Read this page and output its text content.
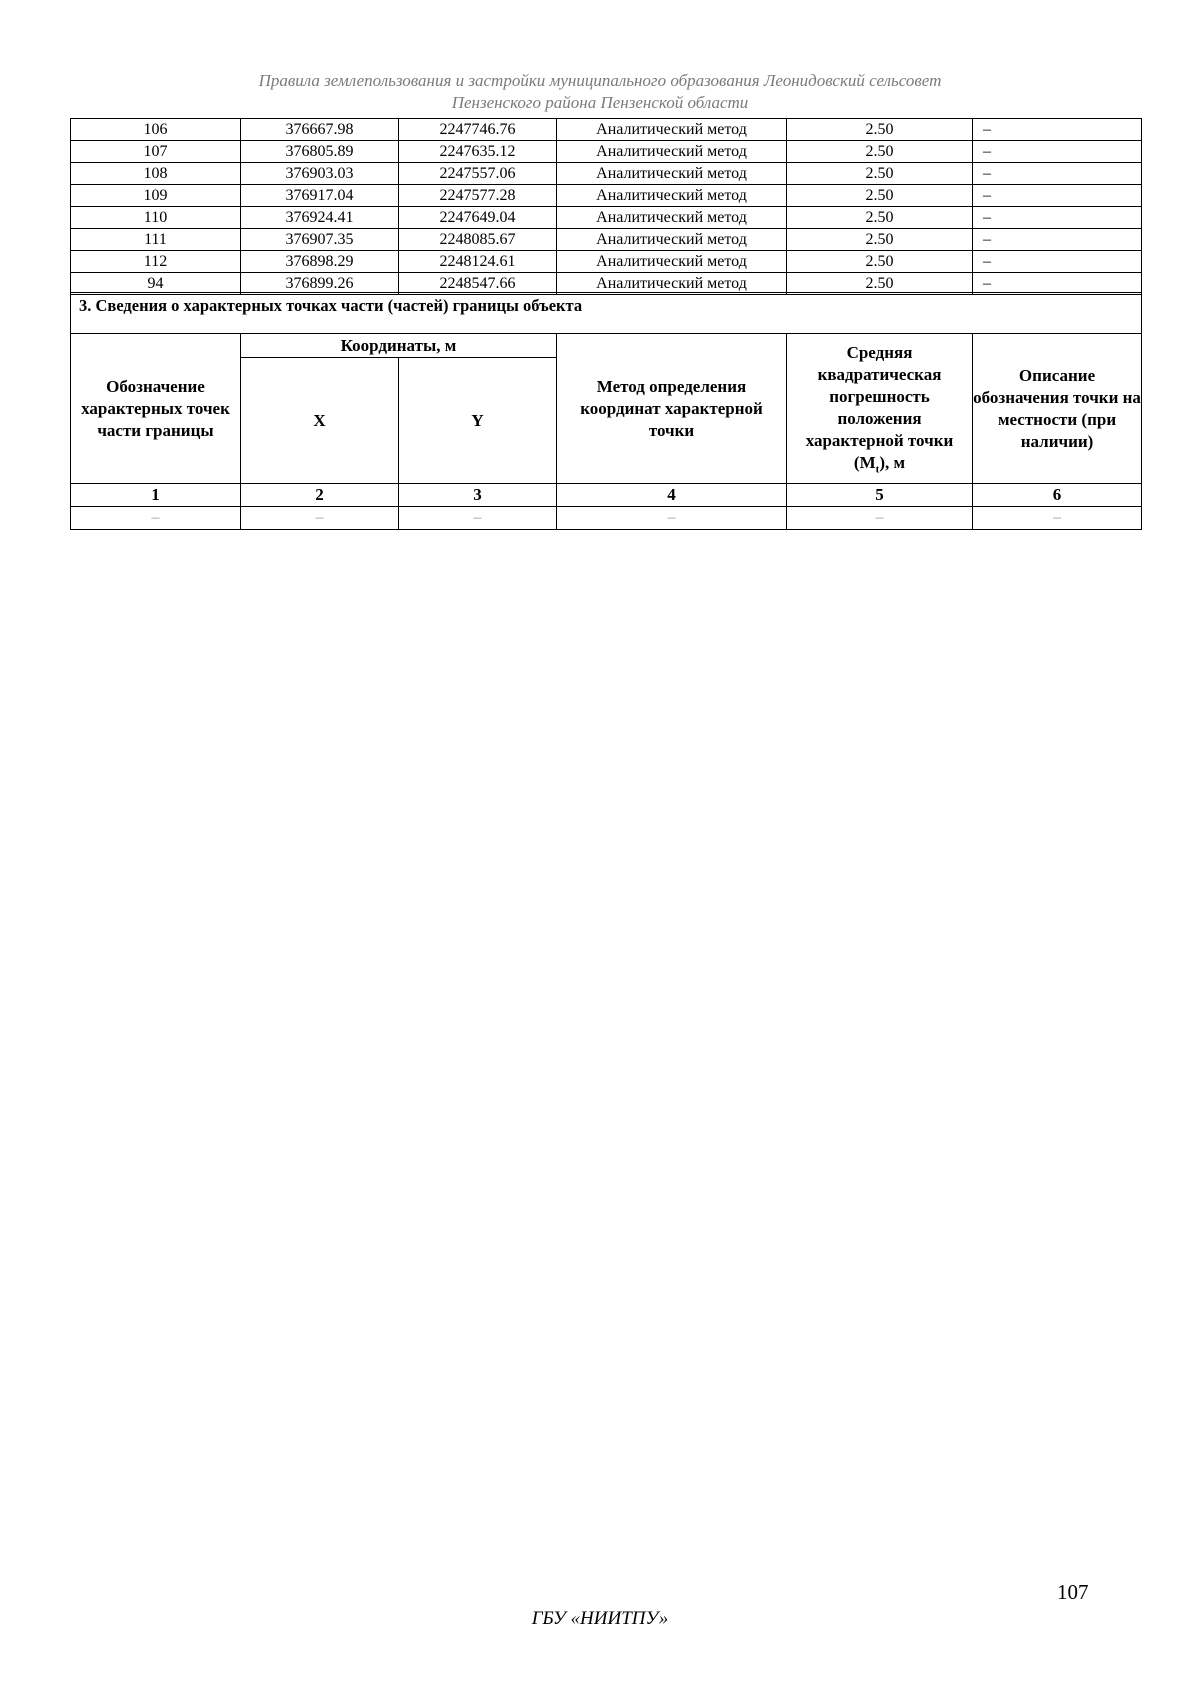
Правила землепользования и застройки муниципального образования Леонидовский сельсовет
Пензенского района Пензенской области
106	376667.98	2247746.76	Аналитический метод	2.50	–
107	376805.89	2247635.12	Аналитический метод	2.50	–
108	376903.03	2247557.06	Аналитический метод	2.50	–
109	376917.04	2247577.28	Аналитический метод	2.50	–
110	376924.41	2247649.04	Аналитический метод	2.50	–
111	376907.35	2248085.67	Аналитический метод	2.50	–
112	376898.29	2248124.61	Аналитический метод	2.50	–
94	376899.26	2248547.66	Аналитический метод	2.50	–
3. Сведения о характерных точках части (частей) границы объекта					
Обозначение характерных точек части границы	Координаты, м		Метод определения координат характерной точки	Средняя квадратическая погрешность положения характерной точки $(M_t)$, м	Описание обозначения точки на местности (при наличии)
	X	Y			
1	2	3	4	5	6
–	–	–	–	–	–
107
ГБУ «НИИТПУ»
